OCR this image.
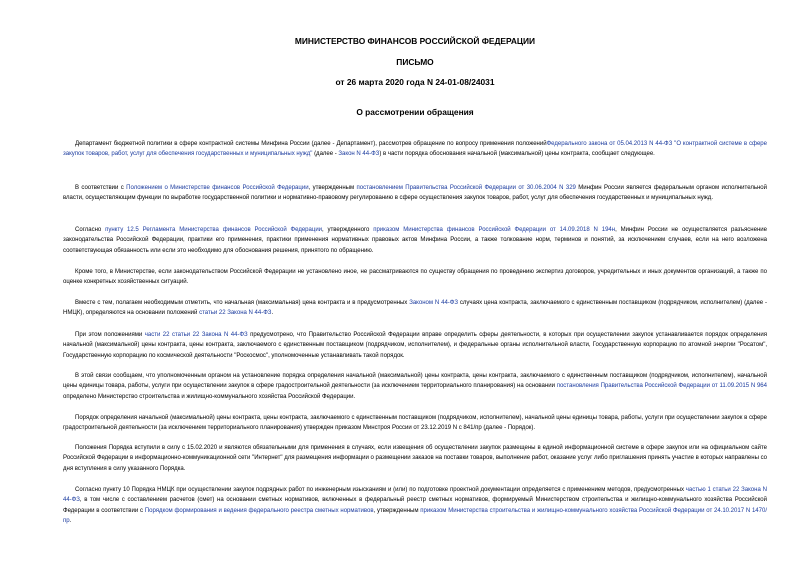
МИНИСТЕРСТВО ФИНАНСОВ РОССИЙСКОЙ ФЕДЕРАЦИИ
ПИСЬМО
от 26 марта 2020 года N 24-01-08/24031
О рассмотрении обращения

Департамент бюджетной политики в сфере контрактной системы Минфина России (далее - Департамент), рассмотрев обращение по вопросу применения положенийФедерального закона от 05.04.2013 N 44-ФЗ "О контрактной системе в сфере закупок товаров, работ, услуг для обеспечения государственных и муниципальных нужд" (далее - Закон N 44-ФЗ) в части порядка обоснования начальной (максимальной) цены контракта, сообщает следующее.

В соответствии с Положением о Министерстве финансов Российской Федерации, утвержденным постановлением Правительства Российской Федерации от 30.06.2004 N 329 Минфин России является федеральным органом исполнительной власти, осуществляющим функции по выработке государственной политики и нормативно-правовому регулированию в сфере осуществления закупок товаров, работ, услуг для обеспечения государственных и муниципальных нужд.

Согласно пункту 12.5 Регламента Министерства финансов Российской Федерации, утвержденного приказом Министерства финансов Российской Федерации от 14.09.2018 N 194н, Минфин России не осуществляется разъяснение законодательства Российской Федерации, практики его применения, практики применения нормативных правовых актов Минфина России, а также толкование норм, терминов и понятий, за исключением случаев, если на него возложена соответствующая обязанность или если это необходимо для обоснования решения, принятого по обращению.

Кроме того, в Министерстве, если законодательством Российской Федерации не установлено иное, не рассматриваются по существу обращения по проведению экспертиз договоров, учредительных и иных документов организаций, а также по оценке конкретных хозяйственных ситуаций.

Вместе с тем, полагаем необходимым отметить, что начальная (максимальная) цена контракта и в предусмотренных Законом N 44-ФЗ случаях цена контракта, заключаемого с единственным поставщиком (подрядчиком, исполнителем) (далее - НМЦК), определяются на основании положений статьи 22 Закона N 44-ФЗ.

При этом положениями части 22 статьи 22 Закона N 44-ФЗ предусмотрено, что Правительство Российской Федерации вправе определить сферы деятельности, в которых при осуществлении закупок устанавливается порядок определения начальной (максимальной) цены контракта, цены контракта, заключаемого с единственным поставщиком (подрядчиком, исполнителем), и федеральные органы исполнительной власти, Государственную корпорацию по атомной энергии "Росатом", Государственную корпорацию по космической деятельности "Роскосмос", уполномоченные устанавливать такой порядок.

В этой связи сообщаем, что уполномоченным органом на установление порядка определения начальной (максимальной) цены контракта, цены контракта, заключаемого с единственным поставщиком (подрядчиком, исполнителем), начальной цены единицы товара, работы, услуги при осуществлении закупок в сфере градостроительной деятельности (за исключением территориального планирования) на основании постановления Правительства Российской Федерации от 11.09.2015 N 964 определено Министерство строительства и жилищно-коммунального хозяйства Российской Федерации.

Порядок определения начальной (максимальной) цены контракта, цены контракта, заключаемого с единственным поставщиком (подрядчиком, исполнителем), начальной цены единицы товара, работы, услуги при осуществлении закупок в сфере градостроительной деятельности (за исключением территориального планирования) утвержден приказом Минстроя России от 23.12.2019 N с 841/пр (далее - Порядок).

Положения Порядка вступили в силу с 15.02.2020 и являются обязательными для применения в случаях, если извещения об осуществлении закупок размещены в единой информационной системе в сфере закупок или на официальном сайте Российской Федерации в информационно-коммуникационной сети "Интернет" для размещения информации о размещении заказов на поставки товаров, выполнение работ, оказание услуг либо приглашения принять участие в которых направлены со дня вступления в силу указанного Порядка.

Согласно пункту 10 Порядка НМЦК при осуществлении закупок подрядных работ по инженерным изысканиям и (или) по подготовке проектной документации определяется с применением методов, предусмотренных частью 1 статьи 22 Закона N 44-ФЗ, в том числе с составлением расчетов (смет) на основании сметных нормативов, включенных в федеральный реестр сметных нормативов, формируемый Министерством строительства и жилищно-коммунального хозяйства Российской Федерации в соответствии с Порядком формирования и ведения федерального реестра сметных нормативов, утвержденным приказом Министерства строительства и жилищно-коммунального хозяйства Российской Федерации от 24.10.2017 N 1470/пр.
